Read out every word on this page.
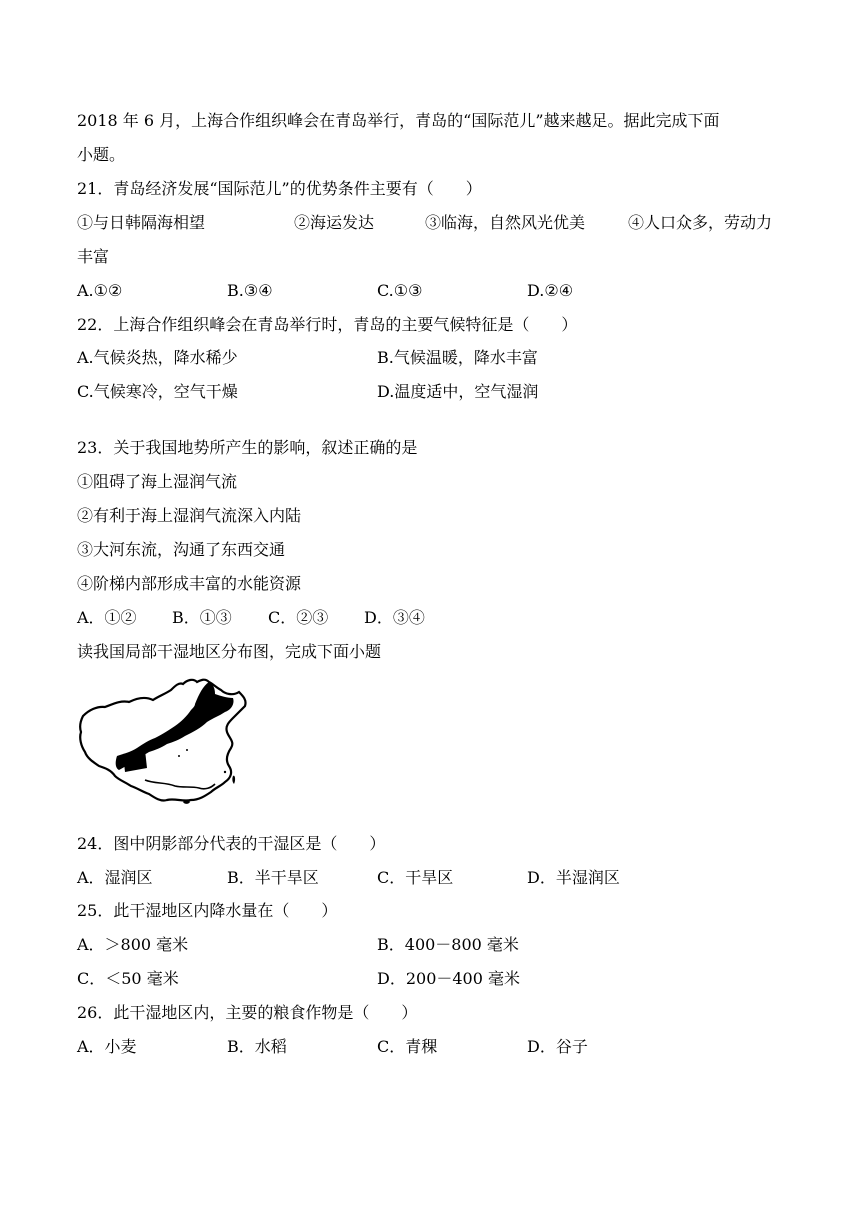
2018 年 6 月，上海合作组织峰会在青岛举行，青岛的“国际范儿”越来越足。据此完成下面
小题。
21．青岛经济发展“国际范儿”的优势条件主要有（　　）
①与日韩隔海相望	②海运发达	③临海，自然风光优美	④人口众多，劳动力
丰富
A.①②	B.③④	C.①③	D.②④
22．上海合作组织峰会在青岛举行时，青岛的主要气候特征是（　　）
A.气候炎热，降水稀少	B.气候温暖，降水丰富
C.气候寒冷，空气干燥	D.温度适中，空气湿润
23．关于我国地势所产生的影响，叙述正确的是
①阻碍了海上湿润气流
②有利于海上湿润气流深入内陆
③大河东流，沟通了东西交通
④阶梯内部形成丰富的水能资源
A．①② B．①③ C．②③ D．③④
读我国局部干湿地区分布图，完成下面小题
24．图中阴影部分代表的干湿区是（　　）
A．湿润区	B．半干旱区	C．干旱区	D．半湿润区
25．此干湿地区内降水量在（　　）
A．＞800 毫米	B．400－800 毫米
C．＜50 毫米	D．200－400 毫米
26．此干湿地区内，主要的粮食作物是（　　）
A．小麦	B．水稻	C．青稞	D．谷子
